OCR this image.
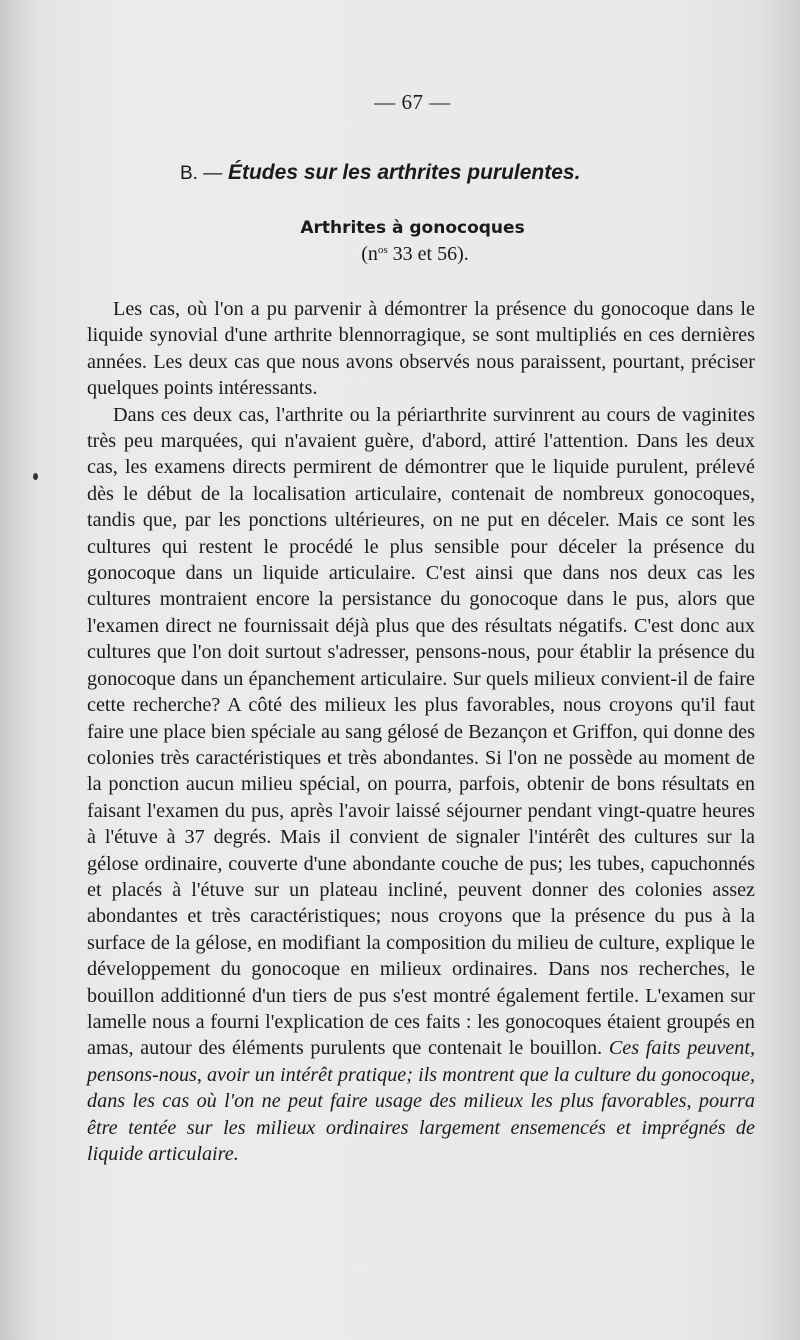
— 67 —
B. — Études sur les arthrites purulentes.
Arthrites à gonocoques
($n^{os}$ 33 et 56).

Les cas, où l'on a pu parvenir à démontrer la présence du gonocoque dans le liquide synovial d'une arthrite blennorragique, se sont multipliés en ces dernières années. Les deux cas que nous avons observés nous paraissent, pourtant, préciser quelques points intéressants.

Dans ces deux cas, l'arthrite ou la périarthrite survinrent au cours de vaginites très peu marquées, qui n'avaient guère, d'abord, attiré l'attention. Dans les deux cas, les examens directs permirent de démontrer que le liquide purulent, prélevé dès le début de la localisation articulaire, contenait de nombreux gonocoques, tandis que, par les ponctions ultérieures, on ne put en déceler. Mais ce sont les cultures qui restent le procédé le plus sensible pour déceler la présence du gonocoque dans un liquide articulaire. C'est ainsi que dans nos deux cas les cultures montraient encore la persistance du gonocoque dans le pus, alors que l'examen direct ne fournissait déjà plus que des résultats négatifs. C'est donc aux cultures que l'on doit surtout s'adresser, pensons-nous, pour établir la présence du gonocoque dans un épanchement articulaire. Sur quels milieux convient-il de faire cette recherche? A côté des milieux les plus favorables, nous croyons qu'il faut faire une place bien spéciale au sang gélosé de Bezançon et Griffon, qui donne des colonies très caractéristiques et très abondantes. Si l'on ne possède au moment de la ponction aucun milieu spécial, on pourra, parfois, obtenir de bons résultats en faisant l'examen du pus, après l'avoir laissé séjourner pendant vingt-quatre heures à l'étuve à 37 degrés. Mais il convient de signaler l'intérêt des cultures sur la gélose ordinaire, couverte d'une abondante couche de pus; les tubes, capuchonnés et placés à l'étuve sur un plateau incliné, peuvent donner des colonies assez abondantes et très caractéristiques; nous croyons que la présence du pus à la surface de la gélose, en modifiant la composition du milieu de culture, explique le développement du gonocoque en milieux ordinaires. Dans nos recherches, le bouillon additionné d'un tiers de pus s'est montré également fertile. L'examen sur lamelle nous a fourni l'explication de ces faits : les gonocoques étaient groupés en amas, autour des éléments purulents que contenait le bouillon. Ces faits peuvent, pensons-nous, avoir un intérêt pratique; ils montrent que la culture du gonocoque, dans les cas où l'on ne peut faire usage des milieux les plus favorables, pourra être tentée sur les milieux ordinaires largement ensemencés et imprégnés de liquide articulaire.
